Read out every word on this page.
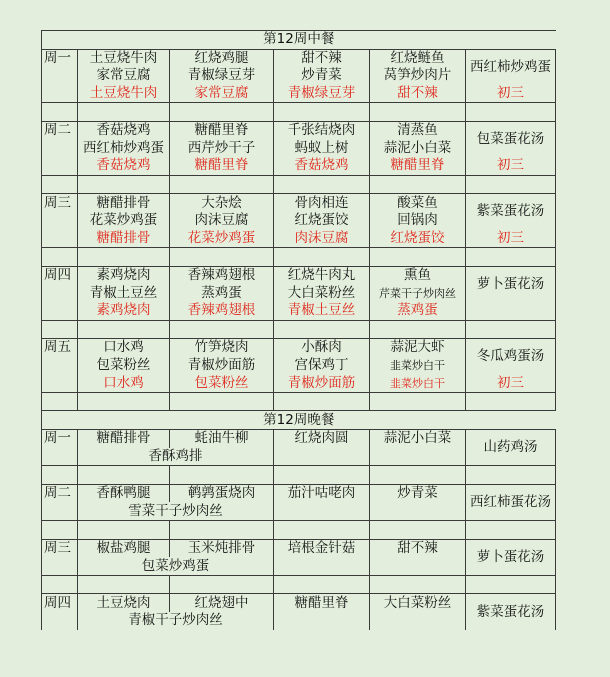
第12周中餐					
周一	土豆烧牛肉	红烧鸡腿	甜不辣	红烧鲢鱼	西红柿炒鸡蛋
	家常豆腐	青椒绿豆芽	炒青菜	莴笋炒肉片	
	土豆烧牛肉	家常豆腐	青椒绿豆芽	甜不辣	初三

周二	香菇烧鸡	糖醋里脊	千张结烧肉	清蒸鱼	包菜蛋花汤
	西红柿炒鸡蛋	西芹炒干子	蚂蚁上树	蒜泥小白菜	
	香菇烧鸡	糖醋里脊	香菇烧鸡	糖醋里脊	初三

周三	糖醋排骨	大杂烩	骨肉相连	酸菜鱼	紫菜蛋花汤
	花菜炒鸡蛋	肉沫豆腐	红烧蛋饺	回锅肉	
	糖醋排骨	花菜炒鸡蛋	肉沫豆腐	红烧蛋饺	初三

周四	素鸡烧肉	香辣鸡翅根	红烧牛肉丸	熏鱼	萝卜蛋花汤
	青椒土豆丝	蒸鸡蛋	大白菜粉丝	芹菜干子炒肉丝	
	素鸡烧肉	香辣鸡翅根	青椒土豆丝	蒸鸡蛋	

周五	口水鸡	竹笋烧肉	小酥肉	蒜泥大虾	冬瓜鸡蛋汤
	包菜粉丝	青椒炒面筋	宫保鸡丁	韭菜炒白干	
	口水鸡	包菜粉丝	青椒炒面筋	韭菜炒白干	初三

第12周晚餐					
周一	糖醋排骨	蚝油牛柳	红烧肉圆	蒜泥小白菜	山药鸡汤
	香酥鸡排				

周二	香酥鸭腿	鹌鹑蛋烧肉	茄汁咕咾肉	炒青菜	西红柿蛋花汤
	雪菜干子炒肉丝				

周三	椒盐鸡腿	玉米炖排骨	培根金针菇	甜不辣	萝卜蛋花汤
	包菜炒鸡蛋				

周四	土豆烧肉	红烧翅中	糖醋里脊	大白菜粉丝	紫菜蛋花汤
	青椒干子炒肉丝				
